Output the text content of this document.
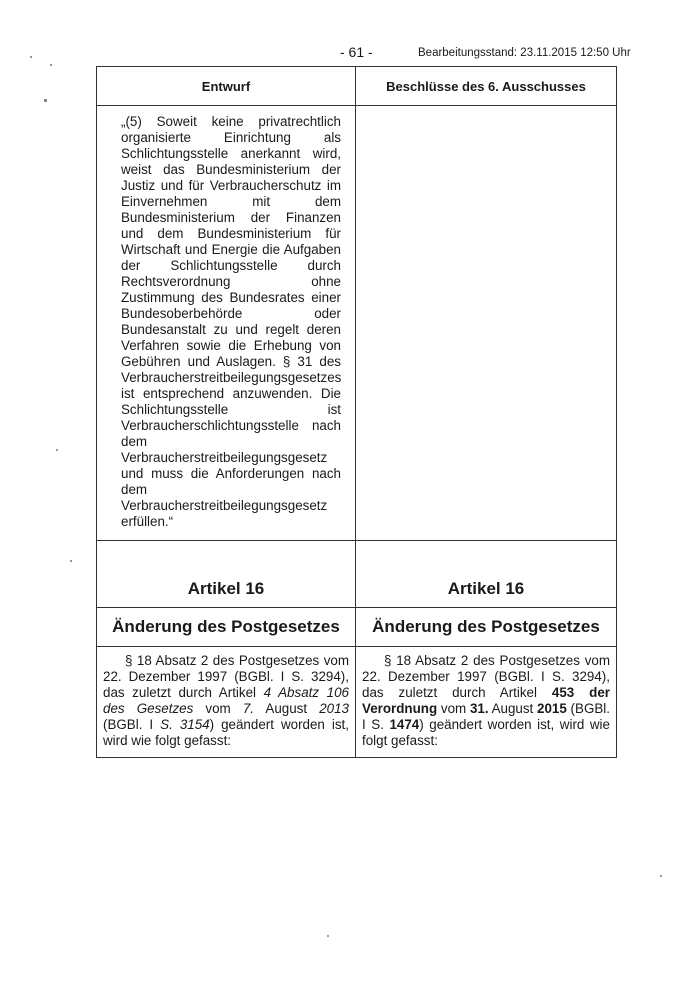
- 61 -	Bearbeitungsstand: 23.11.2015 12:50 Uhr
Entwurf	Beschlüsse des 6. Ausschusses
„(5) Soweit keine privatrechtlich organisierte Einrichtung als Schlichtungsstelle anerkannt wird, weist das Bundesministerium der Justiz und für Verbraucherschutz im Einvernehmen mit dem Bundesministerium der Finanzen und dem Bundesministerium für Wirtschaft und Energie die Aufgaben der Schlichtungsstelle durch Rechtsverordnung ohne Zustimmung des Bundesrates einer Bundesoberbehörde oder Bundesanstalt zu und regelt deren Verfahren sowie die Erhebung von Gebühren und Auslagen. § 31 des Verbraucherstreitbeilegungsgesetzes ist entsprechend anzuwenden. Die Schlichtungsstelle ist Verbraucherschlichtungsstelle nach dem Verbraucherstreitbeilegungsgesetz und muss die Anforderungen nach dem Verbraucherstreitbeilegungsgesetz erfüllen.“	
Artikel 16	Artikel 16
Änderung des Postgesetzes	Änderung des Postgesetzes
§ 18 Absatz 2 des Postgesetzes vom 22. Dezember 1997 (BGBl. I S. 3294), das zuletzt durch Artikel 4 Absatz 106 des Gesetzes vom 7. August 2013 (BGBl. I S. 3154) geändert worden ist, wird wie folgt gefasst:	§ 18 Absatz 2 des Postgesetzes vom 22. Dezember 1997 (BGBl. I S. 3294), das zuletzt durch Artikel 453 der Verordnung vom 31. August 2015 (BGBl. I S. 1474) geändert worden ist, wird wie folgt gefasst:
